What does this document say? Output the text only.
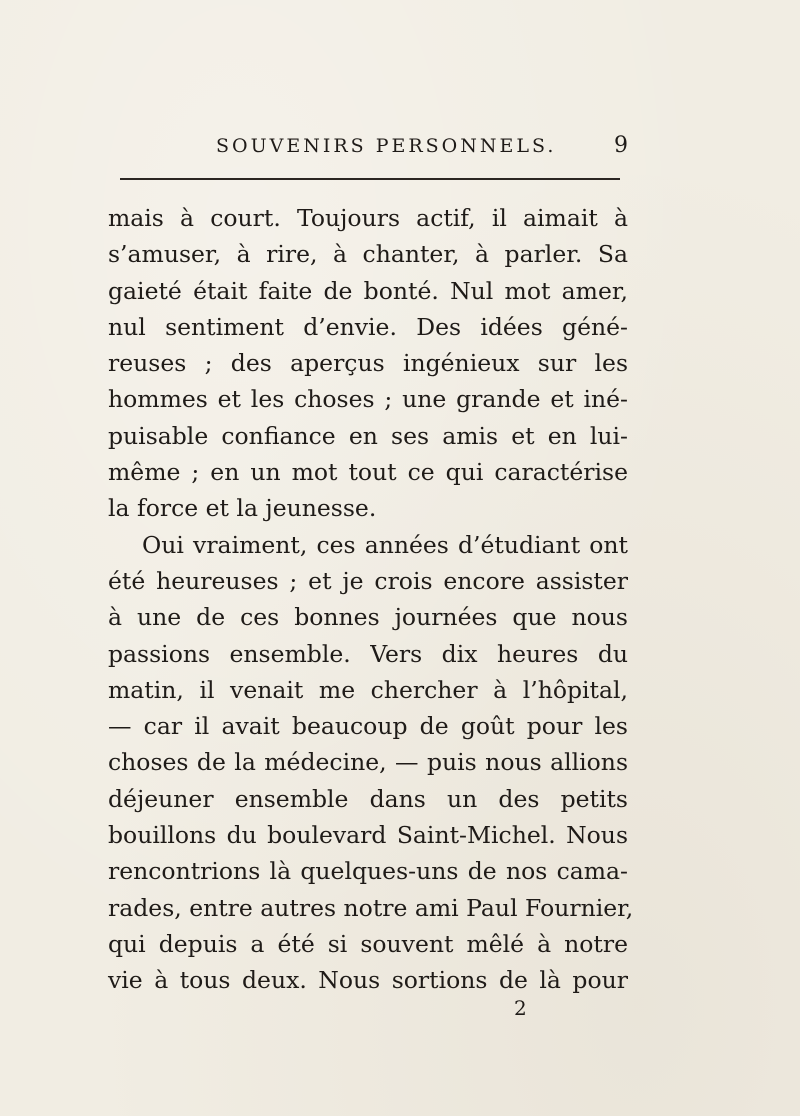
SOUVENIRS PERSONNELS.	9
mais à court. Toujours actif, il aimait à
s’amuser, à rire, à chanter, à parler. Sa
gaieté était faite de bonté. Nul mot amer,
nul sentiment d’envie. Des idées géné-
reuses ; des aperçus ingénieux sur les
hommes et les choses ; une grande et iné-
puisable confiance en ses amis et en lui-
même ; en un mot tout ce qui caractérise
la force et la jeunesse.
Oui vraiment, ces années d’étudiant ont
été heureuses ; et je crois encore assister
à une de ces bonnes journées que nous
passions ensemble. Vers dix heures du
matin, il venait me chercher à l’hôpital,
— car il avait beaucoup de goût pour les
choses de la médecine, — puis nous allions
déjeuner ensemble dans un des petits
bouillons du boulevard Saint-Michel. Nous
rencontrions là quelques-uns de nos cama-
rades, entre autres notre ami Paul Fournier,
qui depuis a été si souvent mêlé à notre
vie à tous deux. Nous sortions de là pour
2
